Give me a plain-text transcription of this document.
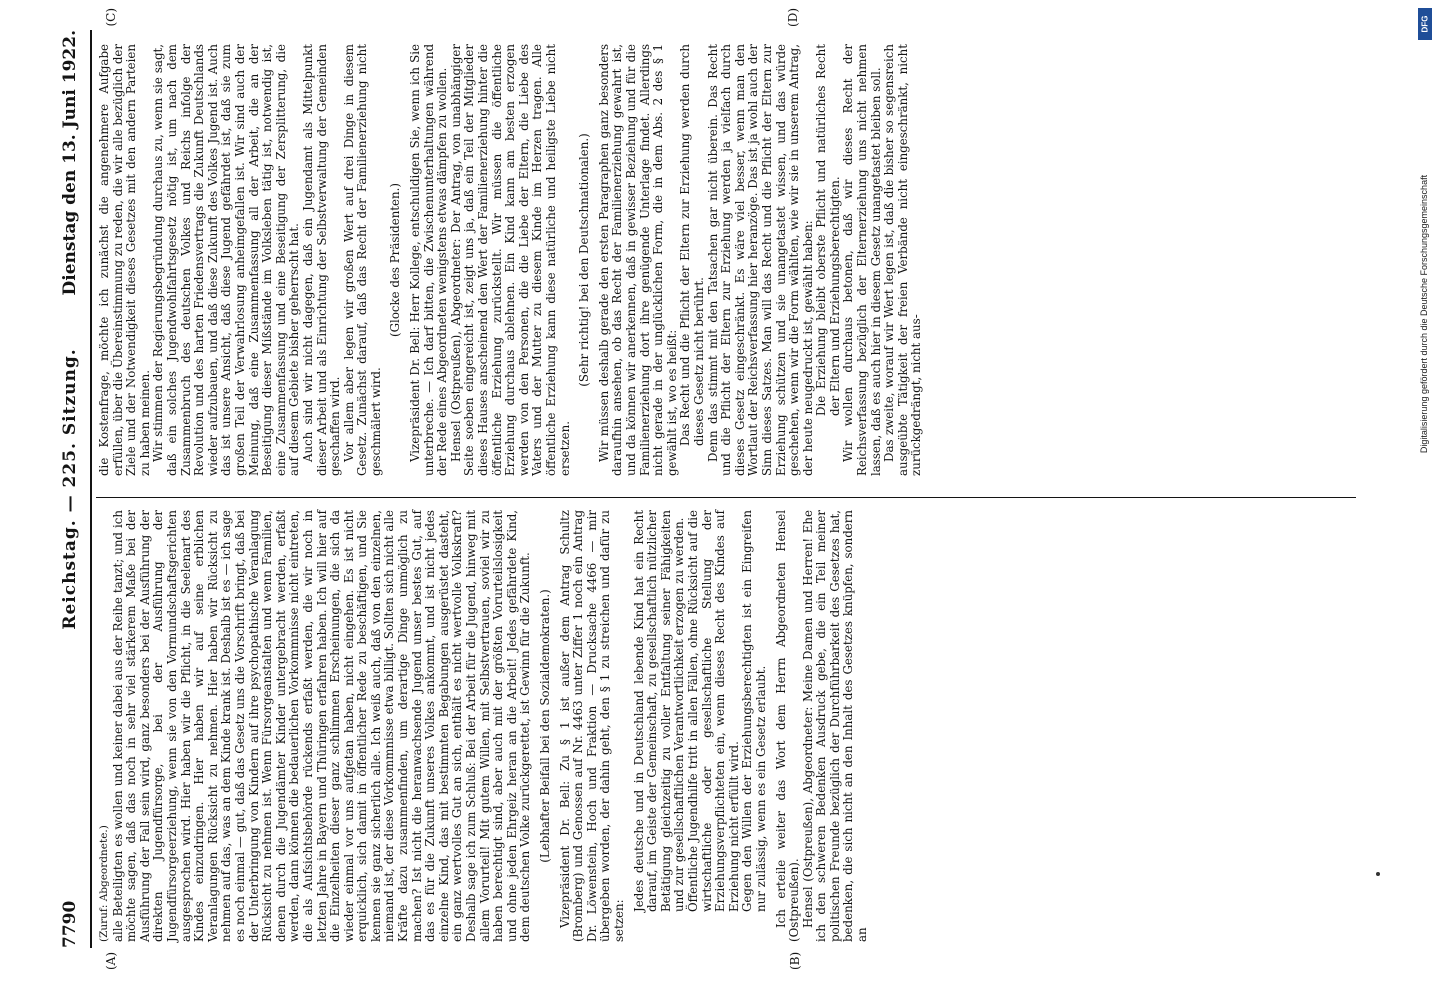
7790
Reichstag. — 225. Sitzung.
Dienstag den 13. Juni 1922.
(A)	(B)
(C)	(D)

(Zuruf: Abgeordnete.) alle Beteiligten es wollen und keiner dabei aus der Reihe tanzt; und ich möchte sagen, daß das noch in sehr viel stärkerem Maße bei der Ausführung der Fall sein wird, ganz besonders bei der Ausführung der direkten Jugendfürsorge, bei der Ausführung der Jugendfürsorgeerziehung, wenn sie von den Vormundschaftsgerichten ausgesprochen wird. Hier haben wir die Pflicht, in die Seelenart des Kindes einzudringen. Hier haben wir auf seine erblichen Veranlagungen Rücksicht zu nehmen. Hier haben wir Rücksicht zu nehmen auf das, was an dem Kinde krank ist. Deshalb ist es — ich sage es noch einmal — gut, daß das Gesetz uns die Vorschrift bringt, daß bei der Unterbringung von Kindern auf ihre psychopathische Veranlagung Rücksicht zu nehmen ist. Wenn Fürsorgeanstalten und wenn Familien, denen durch die Jugendämter Kinder untergebracht werden, erfaßt werden, dann können die bedauerlichen Vorkommnisse nicht eintreten, die als Aufsichtsbehörde rückends erfaßt werden, die wir noch in letzten Jahre in Bayern und Thüringen erfahren haben. Ich will hier auf die Einzelheiten dieser ganz schlimmen Erscheinungen, die sich da wieder einmal vor uns aufgetan haben, nicht eingehen. Es ist nicht erquicklich, sich damit in öffentlicher Rede zu beschäftigen, und Sie kennen sie ganz sicherlich alle. Ich weiß auch, daß von den einzelnen, niemand ist, der diese Vorkommnisse etwa billigt. Sollten sich nicht alle Kräfte dazu zusammenfinden, um derartige Dinge unmöglich zu machen? Ist nicht die heranwachsende Jugend unser bestes Gut, auf das es für die Zukunft unseres Volkes ankommt, und ist nicht jedes einzelne Kind, das mit bestimmten Begabungen ausgerüstet dasteht, ein ganz wertvolles Gut an sich, enthält es nicht wertvolle Volkskraft? Deshalb sage ich zum Schluß: Bei der Arbeit für die Jugend, hinweg mit allem Vorurteil! Mit gutem Willen, mit Selbstvertrauen, soviel wir zu haben berechtigt sind, aber auch mit der größten Vorurteilslosigkeit und ohne jeden Ehrgeiz heran an die Arbeit! Jedes gefährdete Kind, dem deutschen Volke zurückgerettet, ist Gewinn für die Zukunft. (Lebhafter Beifall bei den Sozialdemokraten.) Vizepräsident Dr. Bell: Zu § 1 ist außer dem Antrag Schultz (Bromberg) und Genossen auf Nr. 4463 unter Ziffer 1 noch ein Antrag Dr. Löwenstein, Hoch und Fraktion — Drucksache 4466 — mir übergeben worden, der dahin geht, den § 1 zu streichen und dafür zu setzen:

Jedes deutsche und in Deutschland lebende Kind hat ein Recht darauf, im Geiste der Gemeinschaft, zu gesellschaftlich nützlicher Betätigung gleichzeitig zu voller Entfaltung seiner Fähigkeiten und zur gesellschaftlichen Verantwortlichkeit erzogen zu werden. Öffentliche Jugendhilfe tritt in allen Fällen, ohne Rücksicht auf die wirtschaftliche oder gesellschaftliche Stellung der Erziehungsverpflichteten ein, wenn dieses Recht des Kindes auf Erziehung nicht erfüllt wird. Gegen den Willen der Erziehungsberechtigten ist ein Eingreifen nur zulässig, wenn es ein Gesetz erlaubt. Ich erteile weiter das Wort dem Herrn Abgeordneten Hensel (Ostpreußen). Hensel (Ostpreußen), Abgeordneter: Meine Damen und Herren! Ehe ich den schweren Bedenken Ausdruck gebe, die ein Teil meiner politischen Freunde bezüglich der Durchführbarkeit des Gesetzes hat, bedenken, die sich nicht an den Inhalt des Gesetzes knüpfen, sondern an

die Kostenfrage, möchte ich zunächst die angenehmere Aufgabe erfüllen, über die Übereinstimmung zu reden, die wir alle bezüglich der Ziele und der Notwendigkeit dieses Gesetzes mit den andern Parteien zu haben meinen. Wir stimmen der Regierungsbegründung durchaus zu, wenn sie sagt, daß ein solches Jugendwohlfahrtsgesetz nötig ist, um nach dem Zusammenbruch des deutschen Volkes und Reichs infolge der Revolution und des harten Friedensvertrags die Zukunft Deutschlands wieder aufzubauen, und daß diese Zukunft des Volkes Jugend ist. Auch das ist unsere Ansicht, daß diese Jugend gefährdet ist, daß sie zum großen Teil der Verwahrlosung anheimgefallen ist. Wir sind auch der Meinung, daß eine Zusammenfassung all der Arbeit, die an der Beseitigung dieser Mißstände im Volksleben tätig ist, notwendig ist, eine Zusammenfassung und eine Beseitigung der Zersplitterung, die auf diesem Gebiete bisher geherrscht hat. Auch sind wir nicht dagegen, daß ein Jugendamt als Mittelpunkt dieser Arbeit und als Einrichtung der Selbstverwaltung der Gemeinden geschaffen wird. Vor allem aber legen wir großen Wert auf drei Dinge in diesem Gesetz. Zunächst darauf, daß das Recht der Familienerziehung nicht geschmälert wird.

(Glocke des Präsidenten.) Vizepräsident Dr. Bell: Herr Kollege, entschuldigen Sie, wenn ich Sie unterbreche. — Ich darf bitten, die Zwischenunterhaltungen während der Rede eines Abgeordneten wenigstens etwas dämpfen zu wollen. Hensel (Ostpreußen), Abgeordneter: Der Antrag, von unabhängiger Seite soeben eingereicht ist, zeigt uns ja, daß ein Teil der Mitglieder dieses Hauses anscheinend den Wert der Familienerziehung hinter die öffentliche Erziehung zurückstellt. Wir müssen die öffentliche Erziehung durchaus ablehnen. Ein Kind kann am besten erzogen werden von den Personen, die die Liebe der Eltern, die Liebe des Vaters und der Mutter zu diesem Kinde im Herzen tragen. Alle öffentliche Erziehung kann diese natürliche und heiligste Liebe nicht ersetzen.

(Sehr richtig! bei den Deutschnationalen.) Wir müssen deshalb gerade den ersten Paragraphen ganz besonders daraufhin ansehen, ob das Recht der Familienerziehung gewahrt ist, und da können wir anerkennen, daß in gewisser Beziehung und für die Familienerziehung dort ihre genügende Unterlage findet. Allerdings nicht gerade in der unglücklichen Form, die in dem Abs. 2 des § 1 gewählt ist, wo es heißt: Das Recht und die Pflicht der Eltern zur Erziehung werden durch dieses Gesetz nicht berührt. Denn das stimmt mit den Tatsachen gar nicht überein. Das Recht und die Pflicht der Eltern zur Erziehung werden ja vielfach durch dieses Gesetz eingeschränkt. Es wäre viel besser, wenn man den Wortlaut der Reichsverfassung hier heranzöge. Das ist ja wohl auch der Sinn dieses Satzes. Man will das Recht und die Pflicht der Eltern zur Erziehung schützen und sie unangetastet wissen, und das würde geschehen, wenn wir die Form wählten, wie wir sie in unserem Antrag, der heute neugedruckt ist, gewählt haben: Die Erziehung bleibt oberste Pflicht und natürliches Recht der Eltern und Erziehungsberechtigten. Wir wollen durchaus betonen, daß wir dieses Recht der Reichsverfassung bezüglich der Elternerziehung uns nicht nehmen lassen, daß es auch hier in diesem Gesetz unangetastet bleiben soll. Das zweite, worauf wir Wert legen ist, daß die bisher so segensreich ausgeübte Tätigkeit der freien Verbände nicht eingeschränkt, nicht zurückgedrängt, nicht aus-

DFG
Digitalisierung gefördert durch die Deutsche Forschungsgemeinschaft
